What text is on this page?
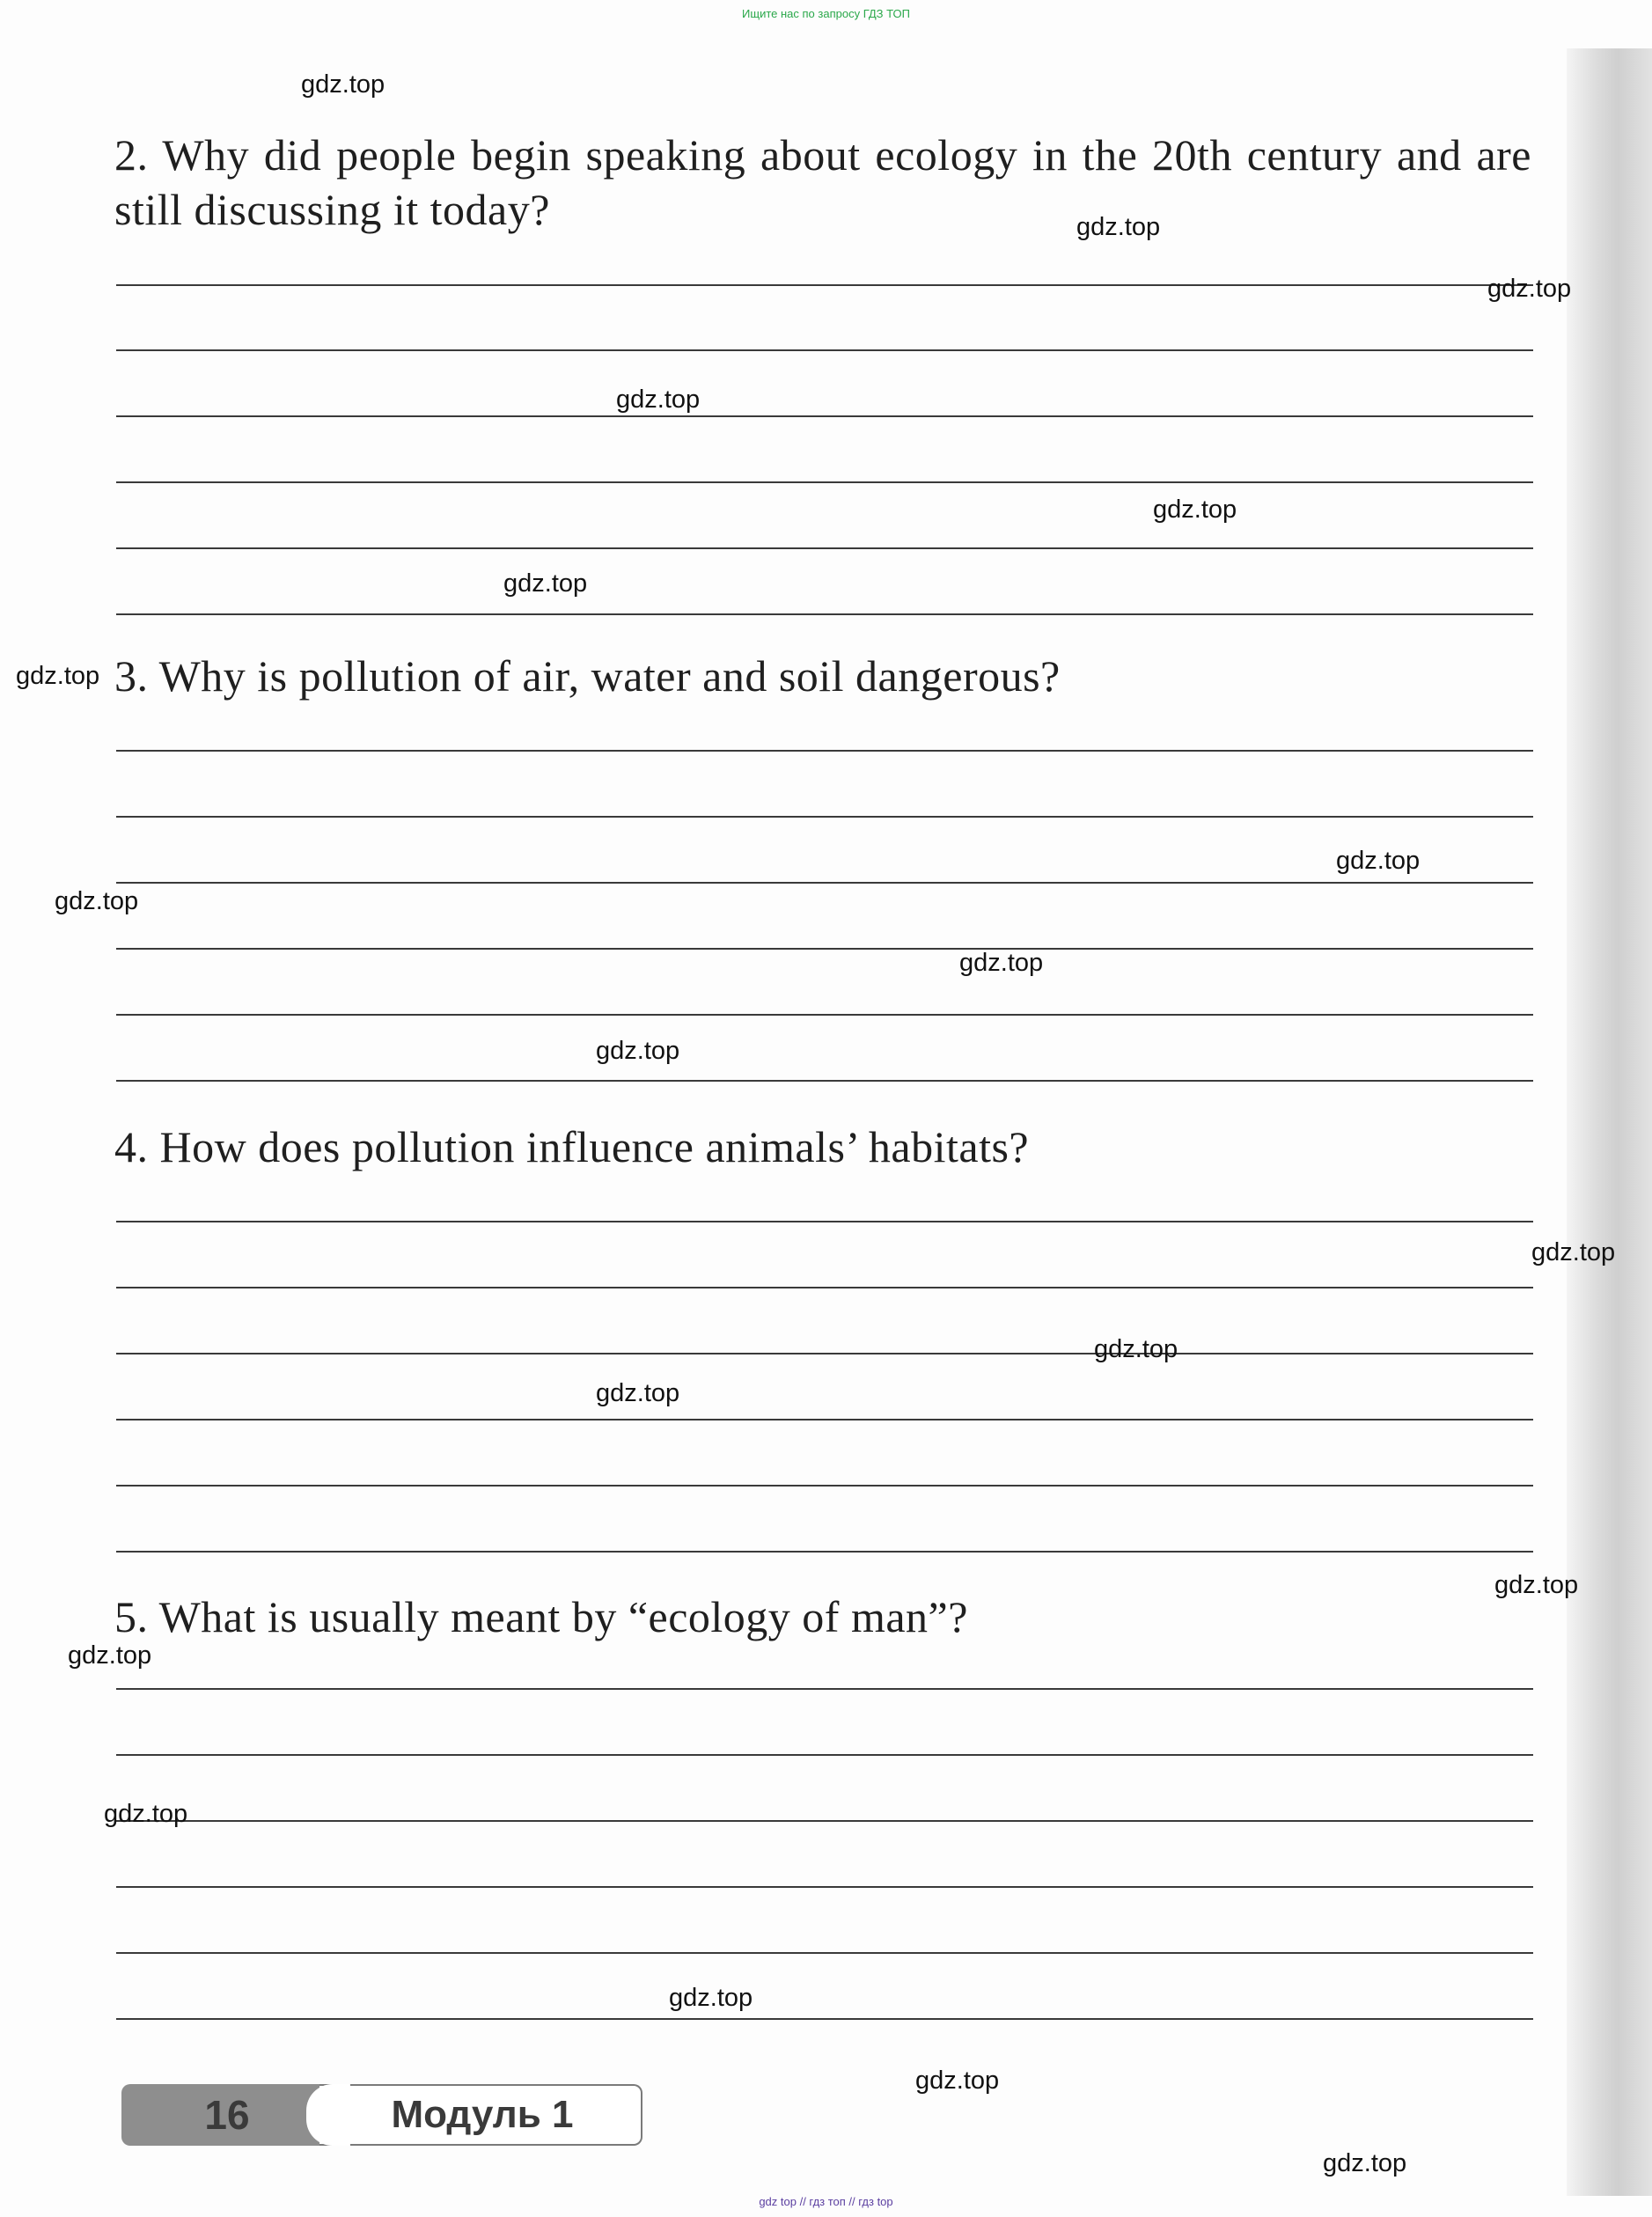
Ищите нас по запросу ГДЗ ТОП
2. Why did people begin speaking about ecology in the 20th century and are still discussing it today?
3. Why is pollution of air, water and soil dangerous?
4. How does pollution influence animals’ habitats?
5. What is usually meant by “ecology of man”?
gdz.top
gdz.top
gdz.top
gdz.top
gdz.top
gdz.top
gdz.top
gdz.top
gdz.top
gdz.top
gdz.top
gdz.top
gdz.top
gdz.top
gdz.top
gdz.top
gdz.top
gdz.top
gdz.top
gdz.top
16	Модуль 1
gdz top // гдз топ // гдз top
